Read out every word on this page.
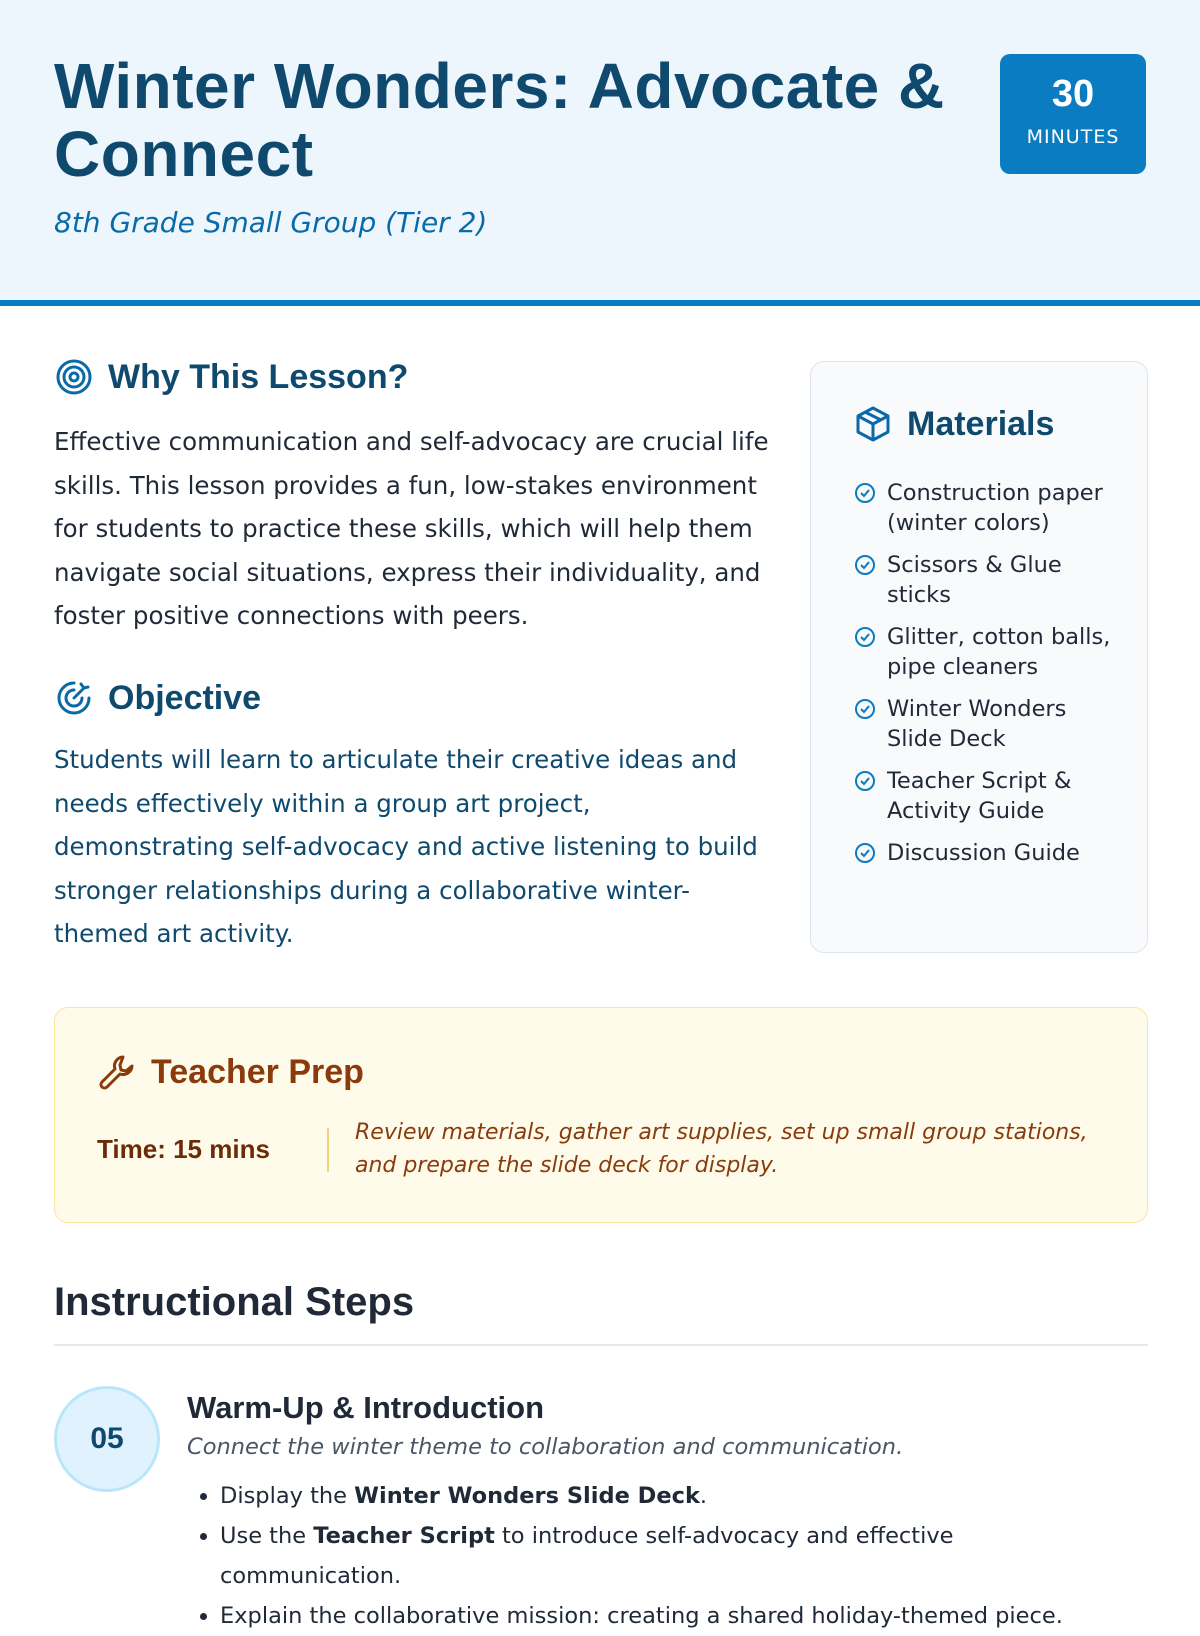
Winter Wonders: Advocate & Connect
8th Grade Small Group (Tier 2)
30
MINUTES
Why This Lesson?

Effective communication and self-advocacy are crucial life skills. This lesson provides a fun, low-stakes environment for students to practice these skills, which will help them navigate social situations, express their individuality, and foster positive connections with peers.

Objective

Students will learn to articulate their creative ideas and needs effectively within a group art project, demonstrating self-advocacy and active listening to build stronger relationships during a collaborative winter-themed art activity.

Materials
Construction paper (winter colors)
Scissors & Glue sticks
Glitter, cotton balls, pipe cleaners
Winter Wonders Slide Deck
Teacher Script & Activity Guide
Discussion Guide
Teacher Prep
Time: 15 mins
Review materials, gather art supplies, set up small group stations, and prepare the slide deck for display.
Instructional Steps
05
Warm-Up & Introduction
Connect the winter theme to collaboration and communication.
• Display the Winter Wonders Slide Deck.
• Use the Teacher Script to introduce self-advocacy and effective communication.
• Explain the collaborative mission: creating a shared holiday-themed piece.
